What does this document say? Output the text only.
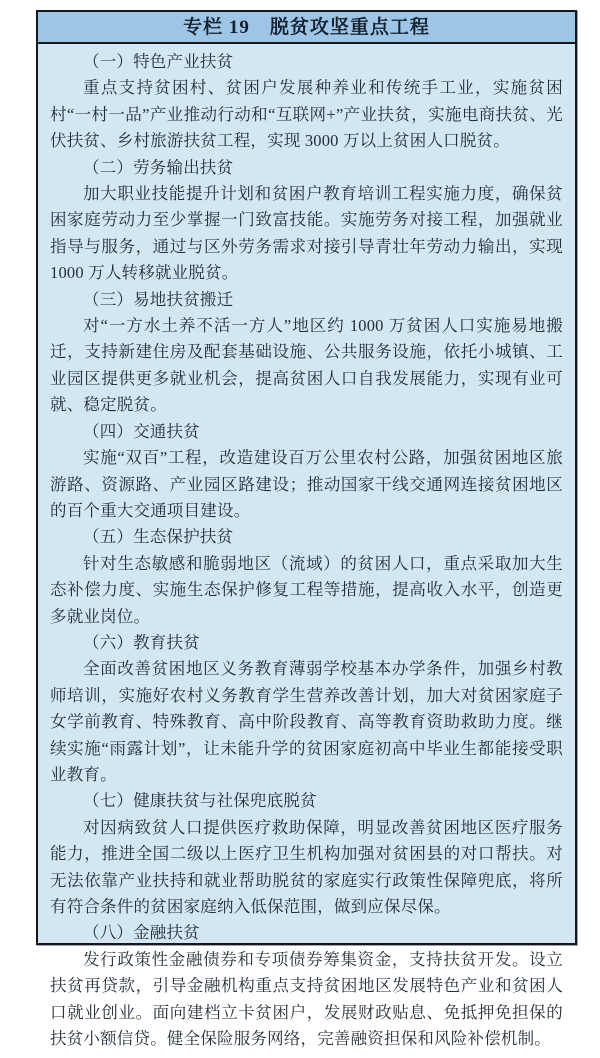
专栏 19　脱贫攻坚重点工程

（一）特色产业扶贫

重点支持贫困村、贫困户发展种养业和传统手工业，实施贫困村“一村一品”产业推动行动和“互联网+”产业扶贫，实施电商扶贫、光伏扶贫、乡村旅游扶贫工程，实现 3000 万以上贫困人口脱贫。

（二）劳务输出扶贫

加大职业技能提升计划和贫困户教育培训工程实施力度，确保贫困家庭劳动力至少掌握一门致富技能。实施劳务对接工程，加强就业指导与服务，通过与区外劳务需求对接引导青壮年劳动力输出，实现 1000 万人转移就业脱贫。

（三）易地扶贫搬迁

对“一方水土养不活一方人”地区约 1000 万贫困人口实施易地搬迁，支持新建住房及配套基础设施、公共服务设施，依托小城镇、工业园区提供更多就业机会，提高贫困人口自我发展能力，实现有业可就、稳定脱贫。

（四）交通扶贫

实施“双百”工程，改造建设百万公里农村公路，加强贫困地区旅游路、资源路、产业园区路建设；推动国家干线交通网连接贫困地区的百个重大交通项目建设。

（五）生态保护扶贫

针对生态敏感和脆弱地区（流域）的贫困人口，重点采取加大生态补偿力度、实施生态保护修复工程等措施，提高收入水平，创造更多就业岗位。

（六）教育扶贫

全面改善贫困地区义务教育薄弱学校基本办学条件，加强乡村教师培训，实施好农村义务教育学生营养改善计划，加大对贫困家庭子女学前教育、特殊教育、高中阶段教育、高等教育资助救助力度。继续实施“雨露计划”，让未能升学的贫困家庭初高中毕业生都能接受职业教育。

（七）健康扶贫与社保兜底脱贫

对因病致贫人口提供医疗救助保障，明显改善贫困地区医疗服务能力，推进全国二级以上医疗卫生机构加强对贫困县的对口帮扶。对无法依靠产业扶持和就业帮助脱贫的家庭实行政策性保障兜底，将所有符合条件的贫困家庭纳入低保范围，做到应保尽保。

（八）金融扶贫

发行政策性金融债券和专项债券筹集资金，支持扶贫开发。设立扶贫再贷款，引导金融机构重点支持贫困地区发展特色产业和贫困人口就业创业。面向建档立卡贫困户，发展财政贴息、免抵押免担保的扶贫小额信贷。健全保险服务网络，完善融资担保和风险补偿机制。
